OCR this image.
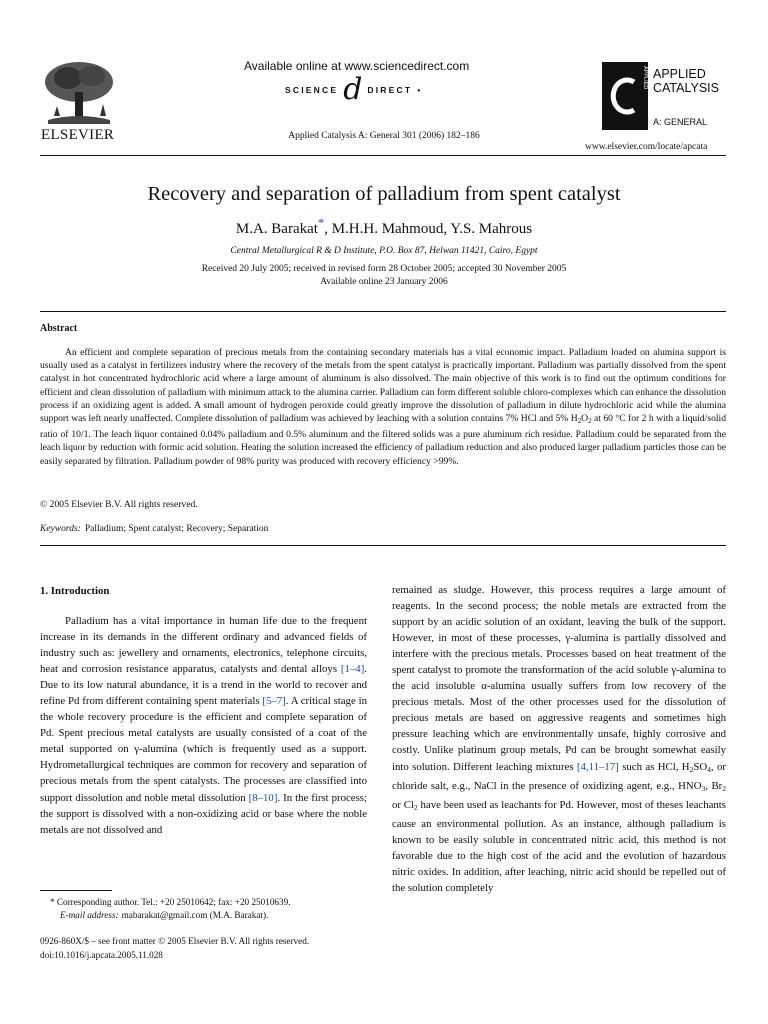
ELSEVIER
Available online at www.sciencedirect.com
SCIENCE d DIRECT •
Applied Catalysis A: General 301 (2006) 182–186
APPLIED APPLIED
CATALYSIS
A: GENERAL
www.elsevier.com/locate/apcata
Recovery and separation of palladium from spent catalyst
M.A. Barakat*, M.H.H. Mahmoud, Y.S. Mahrous
Central Metallurgical R & D Institute, P.O. Box 87, Helwan 11421, Cairo, Egypt
Received 20 July 2005; received in revised form 28 October 2005; accepted 30 November 2005
Available online 23 January 2006
Abstract

An efficient and complete separation of precious metals from the containing secondary materials has a vital economic impact. Palladium loaded on alumina support is usually used as a catalyst in fertilizers industry where the recovery of the metals from the spent catalyst is practically important. Palladium was partially dissolved from the spent catalyst in hot concentrated hydrochloric acid where a large amount of aluminum is also dissolved. The main objective of this work is to find out the optimum conditions for efficient and clean dissolution of palladium with minimum attack to the alumina carrier. Palladium can form different soluble chloro-complexes which can enhance the dissolution process if an oxidizing agent is added. A small amount of hydrogen peroxide could greatly improve the dissolution of palladium in dilute hydrochloric acid while the alumina support was left nearly unaffected. Complete dissolution of palladium was achieved by leaching with a solution contains 7% HCl and 5% $H_2O_2$ at 60 °C for 2 h with a liquid/solid ratio of 10/1. The leach liquor contained 0.04% palladium and 0.5% aluminum and the filtered solids was a pure aluminum rich residue. Palladium could be separated from the leach liquor by reduction with formic acid solution. Heating the solution increased the efficiency of palladium reduction and also produced larger palladium particles those can be easily separated by filtration. Palladium powder of 98% purity was produced with recovery efficiency >99%.

© 2005 Elsevier B.V. All rights reserved.
Keywords: Palladium; Spent catalyst; Recovery; Separation
1. Introduction

Palladium has a vital importance in human life due to the frequent increase in its demands in the different ordinary and advanced fields of industry such as: jewellery and ornaments, electronics, telephone circuits, heat and corrosion resistance apparatus, catalysts and dental alloys [1–4]. Due to its low natural abundance, it is a trend in the world to recover and refine Pd from different containing spent materials [5–7]. A critical stage in the whole recovery procedure is the efficient and complete separation of Pd. Spent precious metal catalysts are usually consisted of a coat of the metal supported on γ-alumina (which is frequently used as a support. Hydrometallurgical techniques are common for recovery and separation of precious metals from the spent catalysts. The processes are classified into support dissolution and noble metal dissolution [8–10]. In the first process; the support is dissolved with a non-oxidizing acid or base where the noble metals are not dissolved and

remained as sludge. However, this process requires a large amount of reagents. In the second process; the noble metals are extracted from the support by an acidic solution of an oxidant, leaving the bulk of the support. However, in most of these processes, γ-alumina is partially dissolved and interfere with the precious metals. Processes based on heat treatment of the spent catalyst to promote the transformation of the acid soluble γ-alumina to the acid insoluble α-alumina usually suffers from low recovery of the precious metals. Most of the other processes used for the dissolution of precious metals are based on aggressive reagents and sometimes high pressure leaching which are environmentally unsafe, highly corrosive and costly. Unlike platinum group metals, Pd can be brought somewhat easily into solution. Different leaching mixtures [4,11–17] such as HCl, $H_2SO_4$, or chloride salt, e.g., NaCl in the presence of oxidizing agent, e.g., $HNO_3$, $Br_2$ or $Cl_2$ have been used as leachants for Pd. However, most of theses leachants cause an environmental pollution. As an instance, although palladium is known to be easily soluble in concentrated nitric acid, this method is not favorable due to the high cost of the acid and the evolution of hazardous nitric oxides. In addition, after leaching, nitric acid should be repelled out of the solution completely

* Corresponding author. Tel.: +20 25010642; fax: +20 25010639.
E-mail address: mabarakat@gmail.com (M.A. Barakat).
0926-860X/$ – see front matter © 2005 Elsevier B.V. All rights reserved.
doi:10.1016/j.apcata.2005.11.028
